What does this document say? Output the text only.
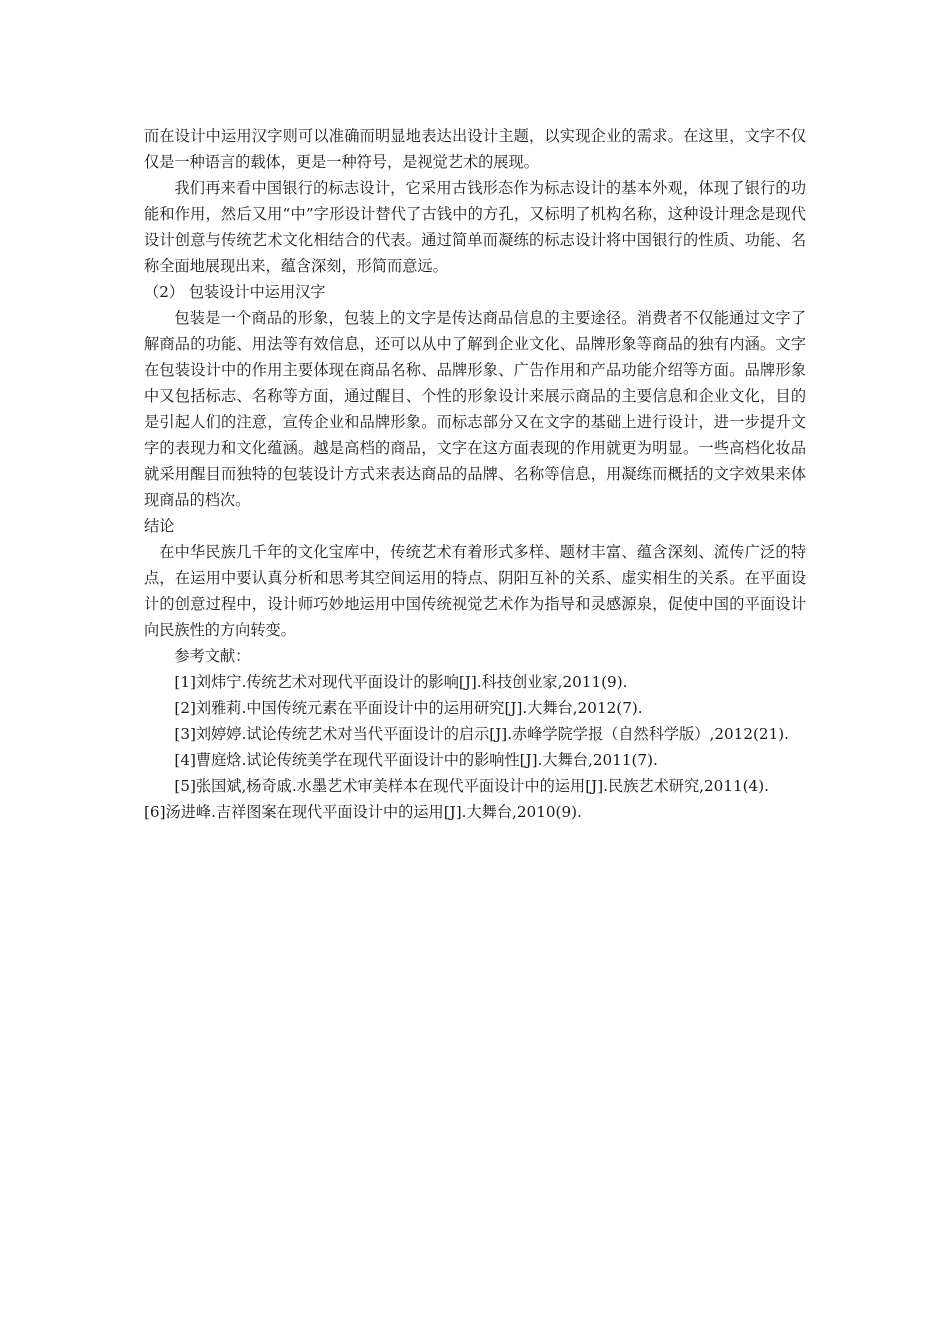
而在设计中运用汉字则可以准确而明显地表达出设计主题，以实现企业的需求。在这里，文字不仅仅是一种语言的载体，更是一种符号，是视觉艺术的展现。

我们再来看中国银行的标志设计，它采用古钱形态作为标志设计的基本外观，体现了银行的功能和作用，然后又用“中”字形设计替代了古钱中的方孔，又标明了机构名称，这种设计理念是现代设计创意与传统艺术文化相结合的代表。通过简单而凝练的标志设计将中国银行的性质、功能、名称全面地展现出来，蕴含深刻，形简而意远。

（2） 包装设计中运用汉字

包装是一个商品的形象，包装上的文字是传达商品信息的主要途径。消费者不仅能通过文字了解商品的功能、用法等有效信息，还可以从中了解到企业文化、品牌形象等商品的独有内涵。文字在包装设计中的作用主要体现在商品名称、品牌形象、广告作用和产品功能介绍等方面。品牌形象中又包括标志、名称等方面，通过醒目、个性的形象设计来展示商品的主要信息和企业文化，目的是引起人们的注意，宣传企业和品牌形象。而标志部分又在文字的基础上进行设计，进一步提升文字的表现力和文化蕴涵。越是高档的商品，文字在这方面表现的作用就更为明显。一些高档化妆品就采用醒目而独特的包装设计方式来表达商品的品牌、名称等信息，用凝练而概括的文字效果来体现商品的档次。

结论

在中华民族几千年的文化宝库中，传统艺术有着形式多样、题材丰富、蕴含深刻、流传广泛的特点，在运用中要认真分析和思考其空间运用的特点、阴阳互补的关系、虚实相生的关系。在平面设计的创意过程中，设计师巧妙地运用中国传统视觉艺术作为指导和灵感源泉，促使中国的平面设计向民族性的方向转变。

参考文献：

[1]刘炜宁.传统艺术对现代平面设计的影响[J].科技创业家,2011(9).

[2]刘雅莉.中国传统元素在平面设计中的运用研究[J].大舞台,2012(7).

[3]刘婷婷.试论传统艺术对当代平面设计的启示[J].赤峰学院学报（自然科学版）,2012(21).

[4]曹庭焓.试论传统美学在现代平面设计中的影响性[J].大舞台,2011(7).

[5]张国斌,杨奇戚.水墨艺术审美样本在现代平面设计中的运用[J].民族艺术研究,2011(4).

[6]汤进峰.吉祥图案在现代平面设计中的运用[J].大舞台,2010(9).
